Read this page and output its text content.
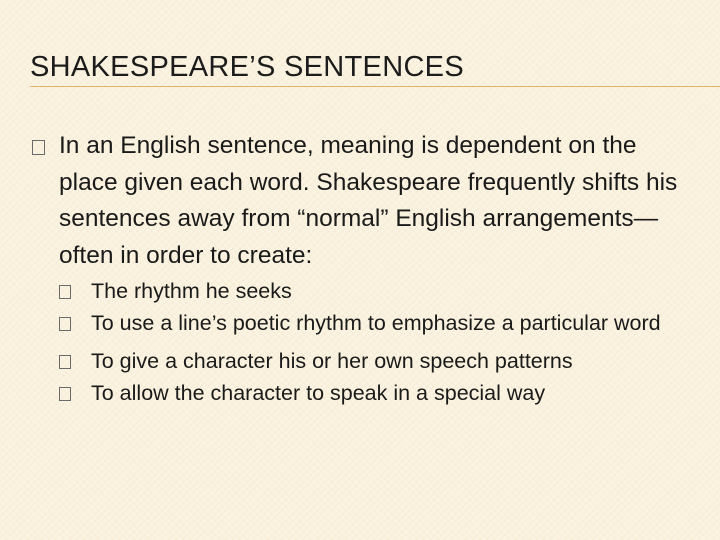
SHAKESPEARE’S SENTENCES
In an English sentence, meaning is dependent on the place given each word. Shakespeare frequently shifts his sentences away from “normal” English arrangements—often in order to create:
The rhythm he seeks
To use a line’s poetic rhythm to emphasize a particular word
To give a character his or her own speech patterns
To allow the character to speak in a special way
